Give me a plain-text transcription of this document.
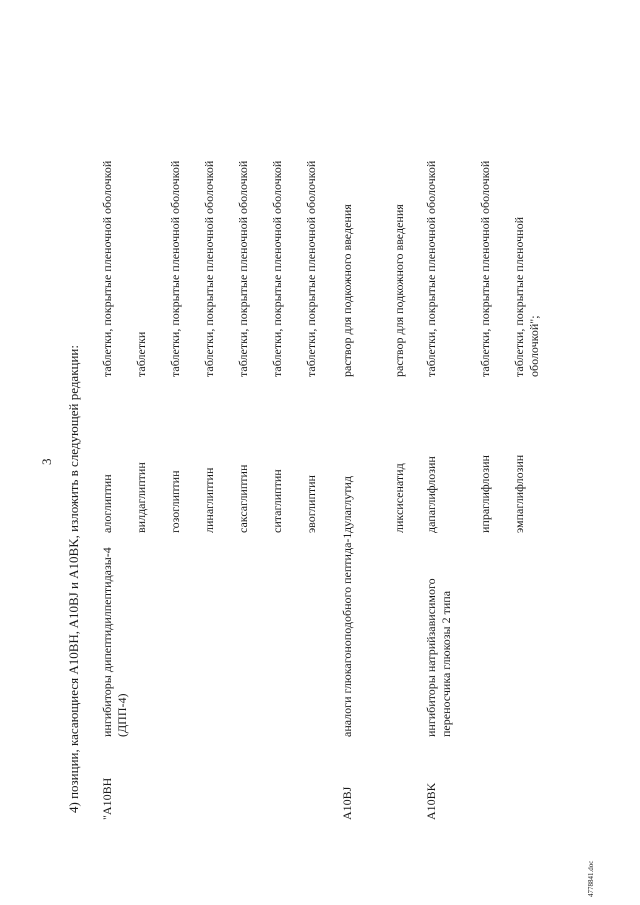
3 4) позиции, касающиеся A10BH, A10BJ и A10BK, изложить в следующей редакции: "A10BH
ингибиторы дипептидилпептидазы-4 (ДПП-4)
алоглиптин
таблетки, покрытые пленочной оболочкой
вилдаглиптин
таблетки
гозоглиптин
таблетки, покрытые пленочной оболочкой
линаглиптин
таблетки, покрытые пленочной оболочкой
саксаглиптин
таблетки, покрытые пленочной оболочкой
ситаглиптин
таблетки, покрытые пленочной оболочкой
эвоглиптин
таблетки, покрытые пленочной оболочкой
A10BJ
аналоги глюкагоноподобного пептида-1
дулаглутид
раствор для подкожного введения
ликсисенатид
раствор для подкожного введения
A10BK
ингибиторы натрийзависимого переносчика глюкозы 2 типа
дапаглифлозин
таблетки, покрытые пленочной оболочкой
ипраглифлозин
таблетки, покрытые пленочной оболочкой
эмпаглифлозин
таблетки, покрытые пленочной оболочкой";
4778841.doc
